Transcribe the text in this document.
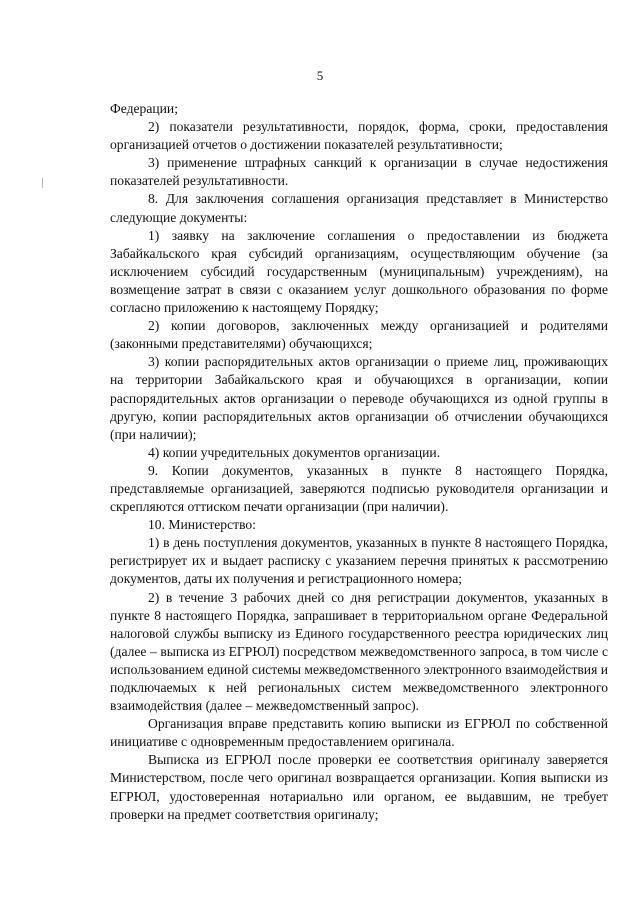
5

Федерации;

2) показатели результативности, порядок, форма, сроки, предоставления организацией отчетов о достижении показателей результативности;

3) применение штрафных санкций к организации в случае недостижения показателей результативности.

8. Для заключения соглашения организация представляет в Министерство следующие документы:

1) заявку на заключение соглашения о предоставлении из бюджета Забайкальского края субсидий организациям, осуществляющим обучение (за исключением субсидий государственным (муниципальным) учреждениям), на возмещение затрат в связи с оказанием услуг дошкольного образования по форме согласно приложению к настоящему Порядку;

2) копии договоров, заключенных между организацией и родителями (законными представителями) обучающихся;

3) копии распорядительных актов организации о приеме лиц, проживающих на территории Забайкальского края и обучающихся в организации, копии распорядительных актов организации о переводе обучающихся из одной группы в другую, копии распорядительных актов организации об отчислении обучающихся (при наличии);

4) копии учредительных документов организации.

9. Копии документов, указанных в пункте 8 настоящего Порядка, представляемые организацией, заверяются подписью руководителя организации и скрепляются оттиском печати организации (при наличии).

10. Министерство:

1) в день поступления документов, указанных в пункте 8 настоящего Порядка, регистрирует их и выдает расписку с указанием перечня принятых к рассмотрению документов, даты их получения и регистрационного номера;

2) в течение 3 рабочих дней со дня регистрации документов, указанных в пункте 8 настоящего Порядка, запрашивает в территориальном органе Федеральной налоговой службы выписку из Единого государственного реестра юридических лиц (далее – выписка из ЕГРЮЛ) посредством межведомственного запроса, в том числе с использованием единой системы межведомственного электронного взаимодействия и подключаемых к ней региональных систем межведомственного электронного взаимодействия (далее – межведомственный запрос).

Организация вправе представить копию выписки из ЕГРЮЛ по собственной инициативе с одновременным предоставлением оригинала.

Выписка из ЕГРЮЛ после проверки ее соответствия оригиналу заверяется Министерством, после чего оригинал возвращается организации. Копия выписки из ЕГРЮЛ, удостоверенная нотариально или органом, ее выдавшим, не требует проверки на предмет соответствия оригиналу;
